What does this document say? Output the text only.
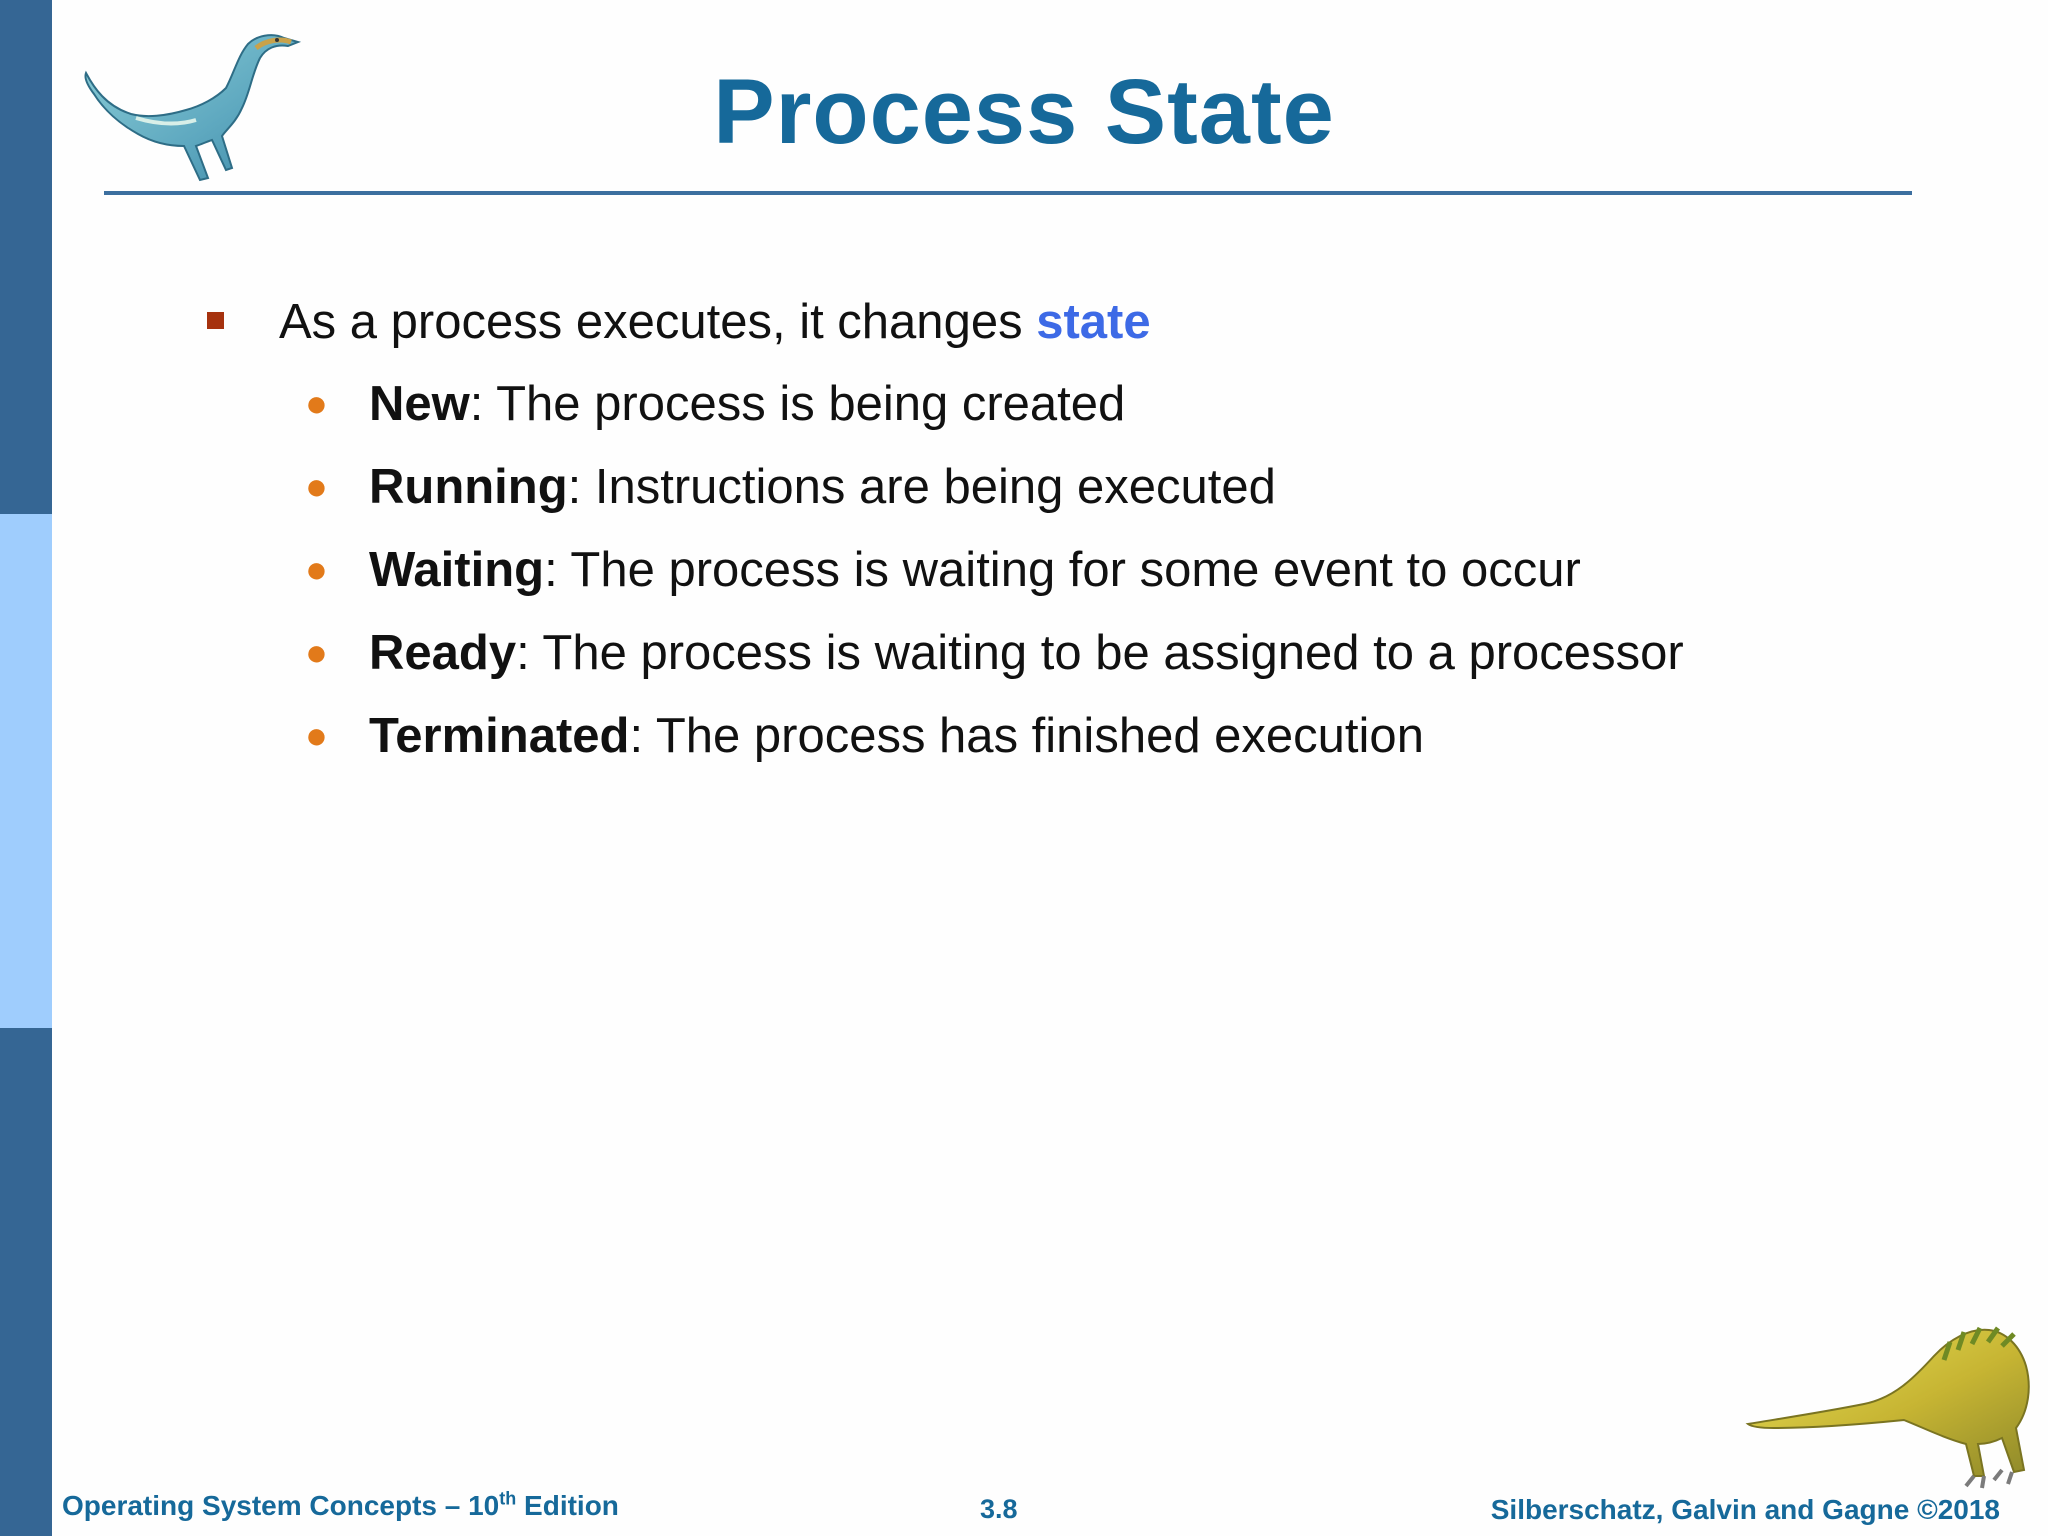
Process State
As a process executes, it changes state
● New: The process is being created
● Running: Instructions are being executed
● Waiting: The process is waiting for some event to occur
● Ready: The process is waiting to be assigned to a processor
● Terminated: The process has finished execution
Operating System Concepts – 10th Edition	3.8	Silberschatz, Galvin and Gagne ©2018
